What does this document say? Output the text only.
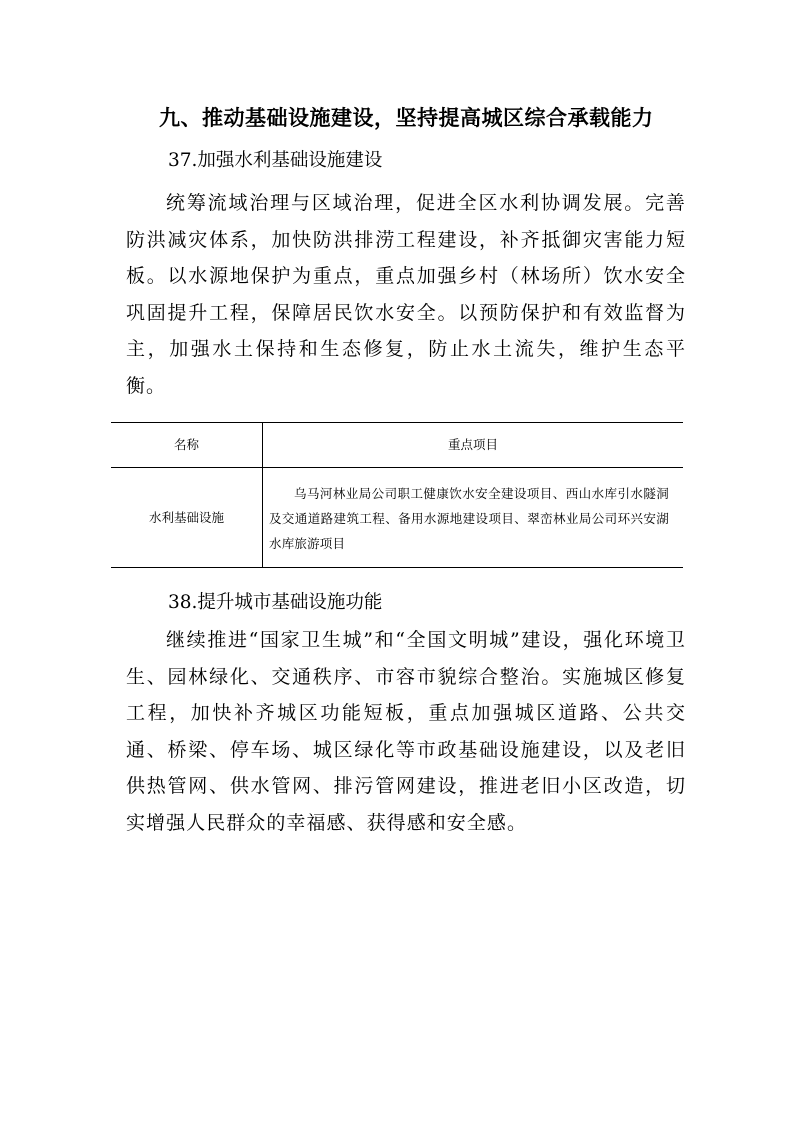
九、推动基础设施建设，坚持提高城区综合承载能力
37.加强水利基础设施建设

统筹流域治理与区域治理，促进全区水利协调发展。完善防洪减灾体系，加快防洪排涝工程建设，补齐抵御灾害能力短板。以水源地保护为重点，重点加强乡村（林场所）饮水安全巩固提升工程，保障居民饮水安全。以预防保护和有效监督为主，加强水土保持和生态修复，防止水土流失，维护生态平衡。

名称	重点项目
水利基础设施
乌马河林业局公司职工健康饮水安全建设项目、西山水库引水隧洞及交通道路建筑工程、备用水源地建设项目、翠峦林业局公司环兴安湖水库旅游项目
38.提升城市基础设施功能

继续推进“国家卫生城”和“全国文明城”建设，强化环境卫生、园林绿化、交通秩序、市容市貌综合整治。实施城区修复工程，加快补齐城区功能短板，重点加强城区道路、公共交通、桥梁、停车场、城区绿化等市政基础设施建设，以及老旧供热管网、供水管网、排污管网建设，推进老旧小区改造，切实增强人民群众的幸福感、获得感和安全感。
